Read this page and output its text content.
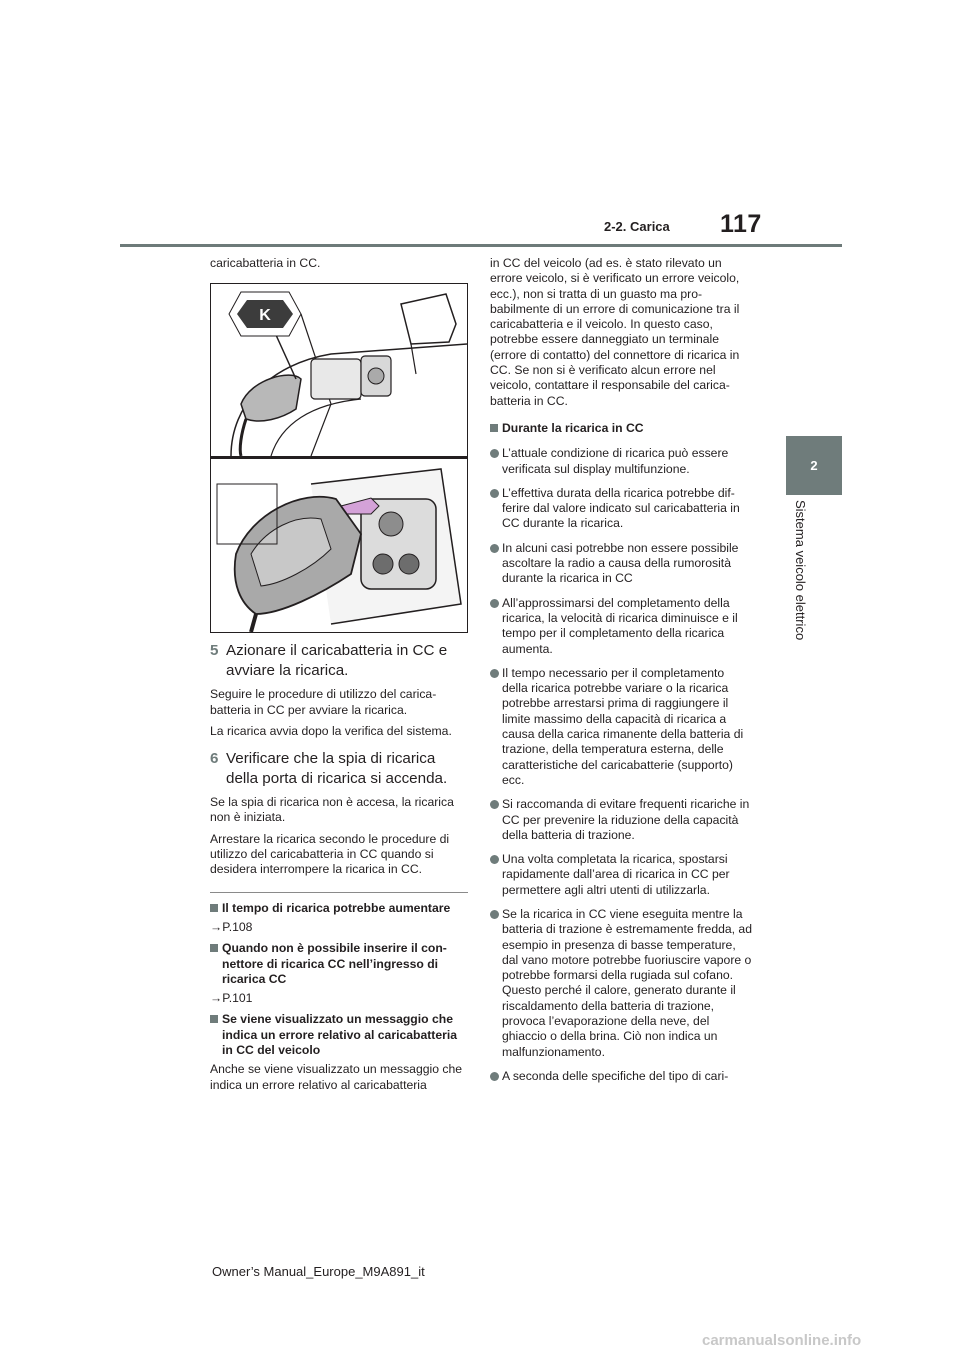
2-2. Carica 117
2
Sistema veicolo elettrico

caricabatteria in CC.

K
5 Azionare il caricabatteria in CC e avviare la ricarica.

Seguire le procedure di utilizzo del caricabatteria in CC per avviare la ricarica.

La ricarica avvia dopo la verifica del sistema.

6 Verificare che la spia di ricarica della porta di ricarica si accenda.

Se la spia di ricarica non è accesa, la ricarica non è iniziata.

Arrestare la ricarica secondo le procedure di utilizzo del caricabatteria in CC quando si desidera interrompere la ricarica in CC.

Il tempo di ricarica potrebbe aumentare

→P.108

Quando non è possibile inserire il connettore di ricarica CC nell’ingresso di ricarica CC

→P.101

Se viene visualizzato un messaggio che indica un errore relativo al caricabatteria in CC del veicolo

Anche se viene visualizzato un messaggio che indica un errore relativo al caricabatteria

in CC del veicolo (ad es. è stato rilevato un errore veicolo, si è verificato un errore veicolo, ecc.), non si tratta di un guasto ma probabilmente di un errore di comunicazione tra il caricabatteria e il veicolo. In questo caso, potrebbe essere danneggiato un terminale (errore di contatto) del connettore di ricarica in CC. Se non si è verificato alcun errore nel veicolo, contattare il responsabile del caricabatteria in CC.

Durante la ricarica in CC
L’attuale condizione di ricarica può essere verificata sul display multifunzione.
L’effettiva durata della ricarica potrebbe differire dal valore indicato sul caricabatteria in CC durante la ricarica.
In alcuni casi potrebbe non essere possibile ascoltare la radio a causa della rumorosità durante la ricarica in CC
All’approssimarsi del completamento della ricarica, la velocità di ricarica diminuisce e il tempo per il completamento della ricarica aumenta.
Il tempo necessario per il completamento della ricarica potrebbe variare o la ricarica potrebbe arrestarsi prima di raggiungere il limite massimo della capacità di ricarica a causa della carica rimanente della batteria di trazione, della temperatura esterna, delle caratteristiche del caricabatterie (supporto) ecc.
Si raccomanda di evitare frequenti ricariche in CC per prevenire la riduzione della capacità della batteria di trazione.
Una volta completata la ricarica, spostarsi rapidamente dall’area di ricarica in CC per permettere agli altri utenti di utilizzarla.
Se la ricarica in CC viene eseguita mentre la batteria di trazione è estremamente fredda, ad esempio in presenza di basse temperature, dal vano motore potrebbe fuoriuscire vapore o potrebbe formarsi della rugiada sul cofano. Questo perché il calore, generato durante il riscaldamento della batteria di trazione, provoca l’evaporazione della neve, del ghiaccio o della brina. Ciò non indica un malfunzionamento.
A seconda delle specifiche del tipo di cari-
Owner’s Manual_Europe_M9A891_it
carmanualsonline.info
